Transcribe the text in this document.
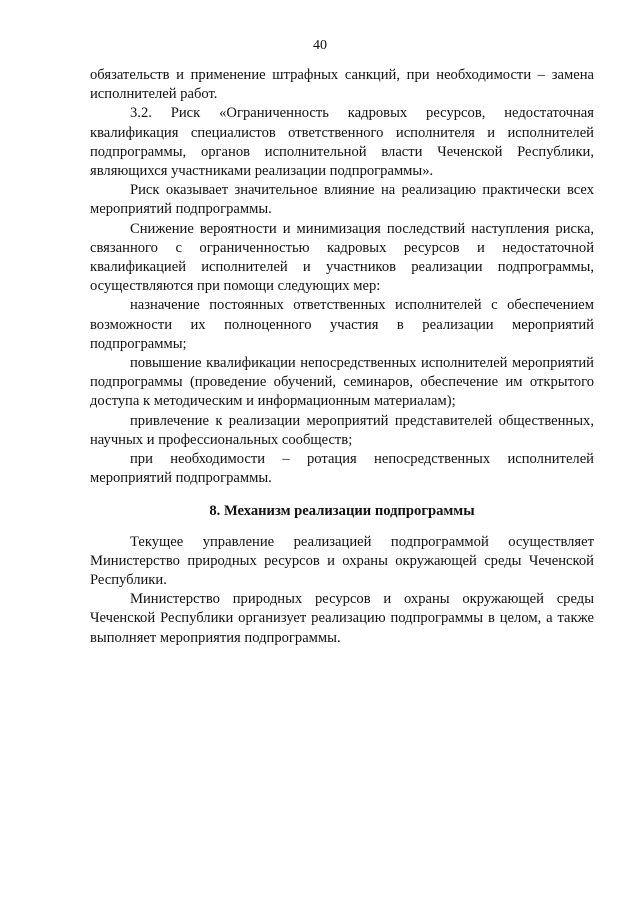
40

обязательств и применение штрафных санкций, при необходимости – замена исполнителей работ.

3.2. Риск «Ограниченность кадровых ресурсов, недостаточная квалификация специалистов ответственного исполнителя и исполнителей подпрограммы, органов исполнительной власти Чеченской Республики, являющихся участниками реализации подпрограммы».

Риск оказывает значительное влияние на реализацию практически всех мероприятий подпрограммы.

Снижение вероятности и минимизация последствий наступления риска, связанного с ограниченностью кадровых ресурсов и недостаточной квалификацией исполнителей и участников реализации подпрограммы, осуществляются при помощи следующих мер:

назначение постоянных ответственных исполнителей с обеспечением возможности их полноценного участия в реализации мероприятий подпрограммы;

повышение квалификации непосредственных исполнителей мероприятий подпрограммы (проведение обучений, семинаров, обеспечение им открытого доступа к методическим и информационным материалам);

привлечение к реализации мероприятий представителей общественных, научных и профессиональных сообществ;

при необходимости – ротация непосредственных исполнителей мероприятий подпрограммы.

8. Механизм реализации подпрограммы

Текущее управление реализацией подпрограммой осуществляет Министерство природных ресурсов и охраны окружающей среды Чеченской Республики.

Министерство природных ресурсов и охраны окружающей среды Чеченской Республики организует реализацию подпрограммы в целом, а также выполняет мероприятия подпрограммы.
